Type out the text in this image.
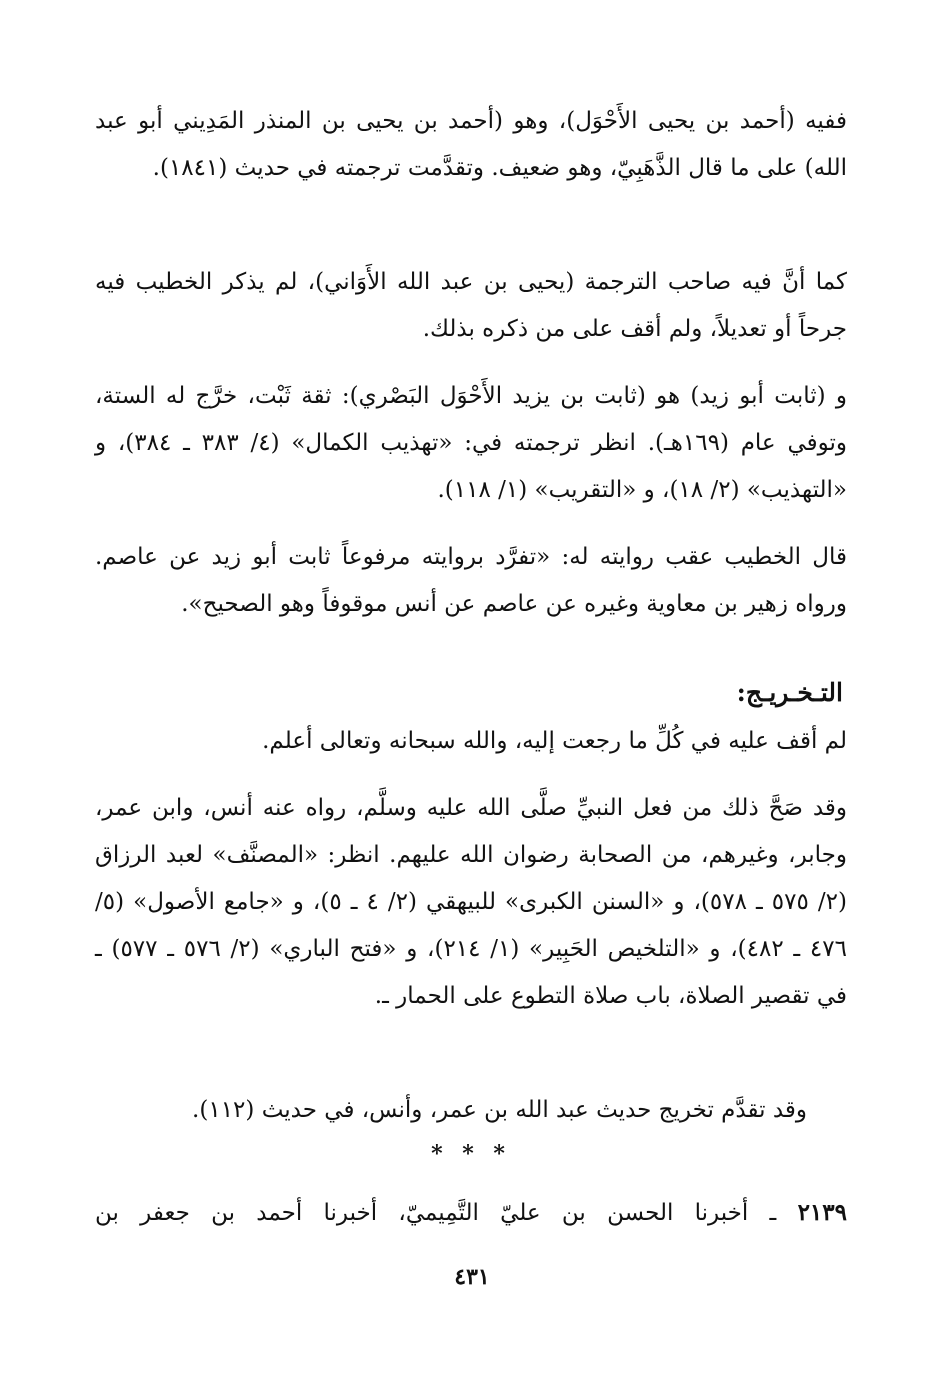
ففيه (أحمد بن يحيى الأَحْوَل)، وهو (أحمد بن يحيى بن المنذر المَدِيني أبو عبد الله) على ما قال الذَّهَبِيّ، وهو ضعيف. وتقدَّمت ترجمته في حديث (١٨٤١).

كما أنَّ فيه صاحب الترجمة (يحيى بن عبد الله الأَوَاني)، لم يذكر الخطيب فيه جرحاً أو تعديلاً، ولم أقف على من ذكره بذلك.

و (ثابت أبو زيد) هو (ثابت بن يزيد الأَحْوَل البَصْري): ثقة ثَبْت، خرَّج له الستة، وتوفي عام (١٦٩هـ). انظر ترجمته في: «تهذيب الكمال» (٤/ ٣٨٣ ـ ٣٨٤)، و «التهذيب» (٢/ ١٨)، و «التقريب» (١/ ١١٨).

قال الخطيب عقب روايته له: «تفرَّد بروايته مرفوعاً ثابت أبو زيد عن عاصم. ورواه زهير بن معاوية وغيره عن عاصم عن أنس موقوفاً وهو الصحيح».

التـخـريـج:

لم أقف عليه في كُلِّ ما رجعت إليه، والله سبحانه وتعالى أعلم.

وقد صَحَّ ذلك من فعل النبيِّ صلَّى الله عليه وسلَّم، رواه عنه أنس، وابن عمر، وجابر، وغيرهم، من الصحابة رضوان الله عليهم. انظر: «المصنَّف» لعبد الرزاق (٢/ ٥٧٥ ـ ٥٧٨)، و «السنن الكبرى» للبيهقي (٢/ ٤ ـ ٥)، و «جامع الأصول» (٥/ ٤٧٦ ـ ٤٨٢)، و «التلخيص الحَبِير» (١/ ٢١٤)، و «فتح الباري» (٢/ ٥٧٦ ـ ٥٧٧) ـ في تقصير الصلاة، باب صلاة التطوع على الحمار ـ.

وقد تقدَّم تخريج حديث عبد الله بن عمر، وأنس، في حديث (١١٢).

* * *

٢١٣٩ ـ أخبرنا الحسن بن عليّ التَّمِيميّ، أخبرنا أحمد بن جعفر بن

٤٣١
